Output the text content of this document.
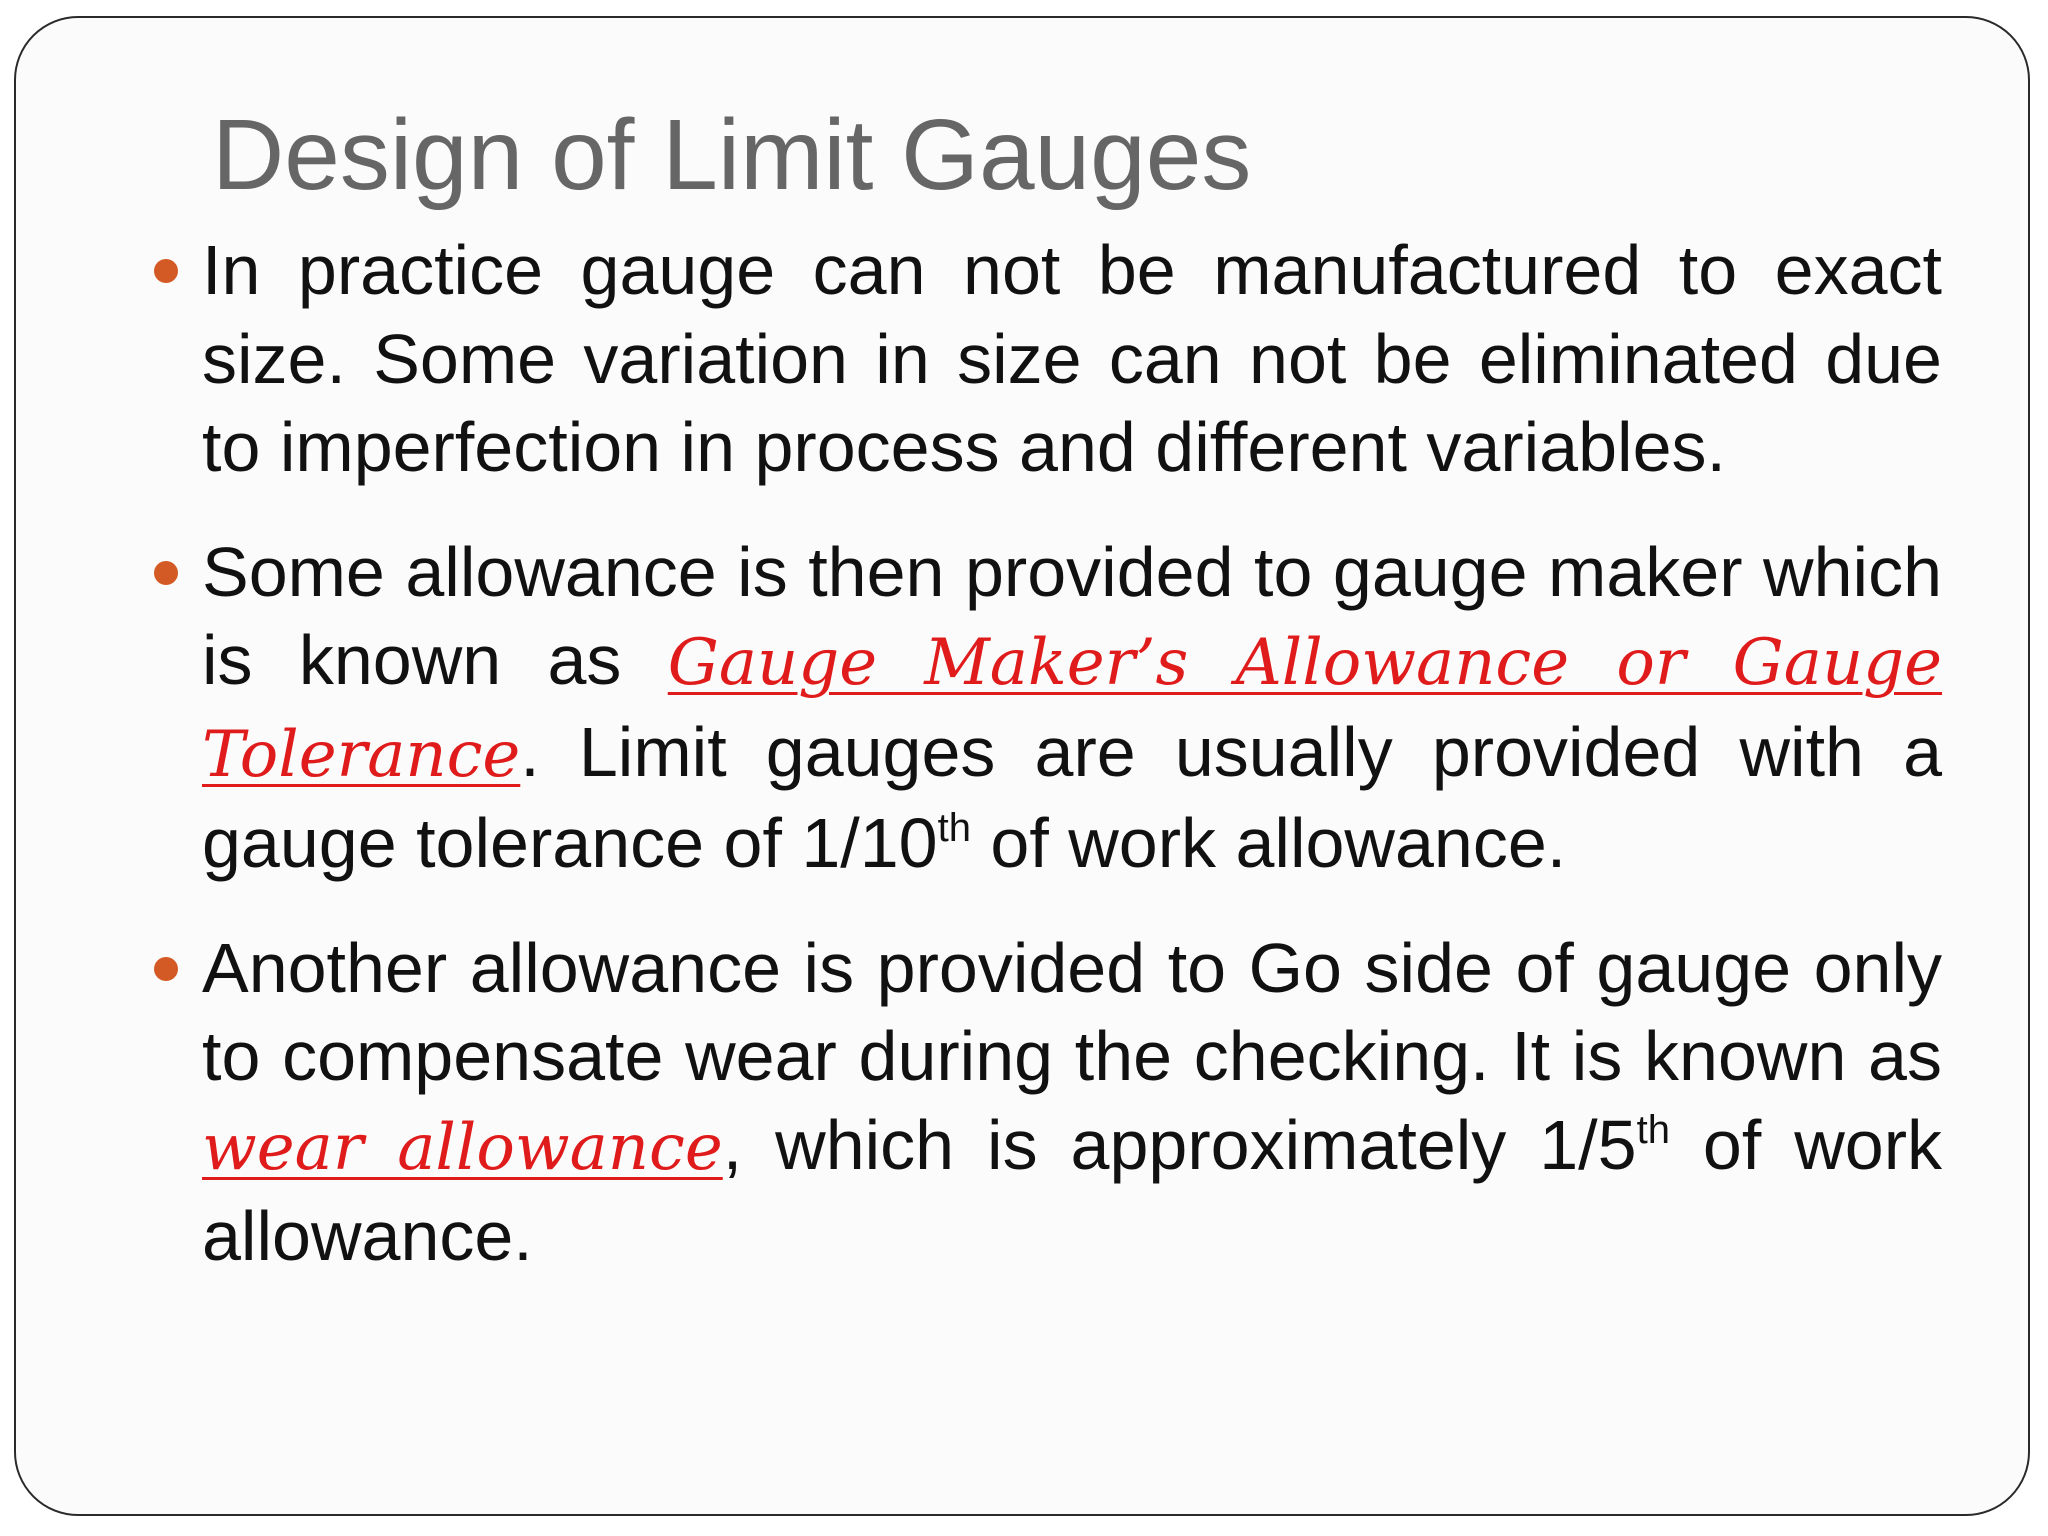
Design of Limit Gauges
In practice gauge can not be manufactured to exact size. Some variation in size can not be eliminated due to imperfection in process and different variables.
Some allowance is then provided to gauge maker which is known as Gauge Maker’s Allowance or Gauge Tolerance. Limit gauges are usually provided with a gauge tolerance of 1/10th of work allowance.
Another allowance is provided to Go side of gauge only to compensate wear during the checking. It is known as wear allowance, which is approximately 1/5th of work allowance.
